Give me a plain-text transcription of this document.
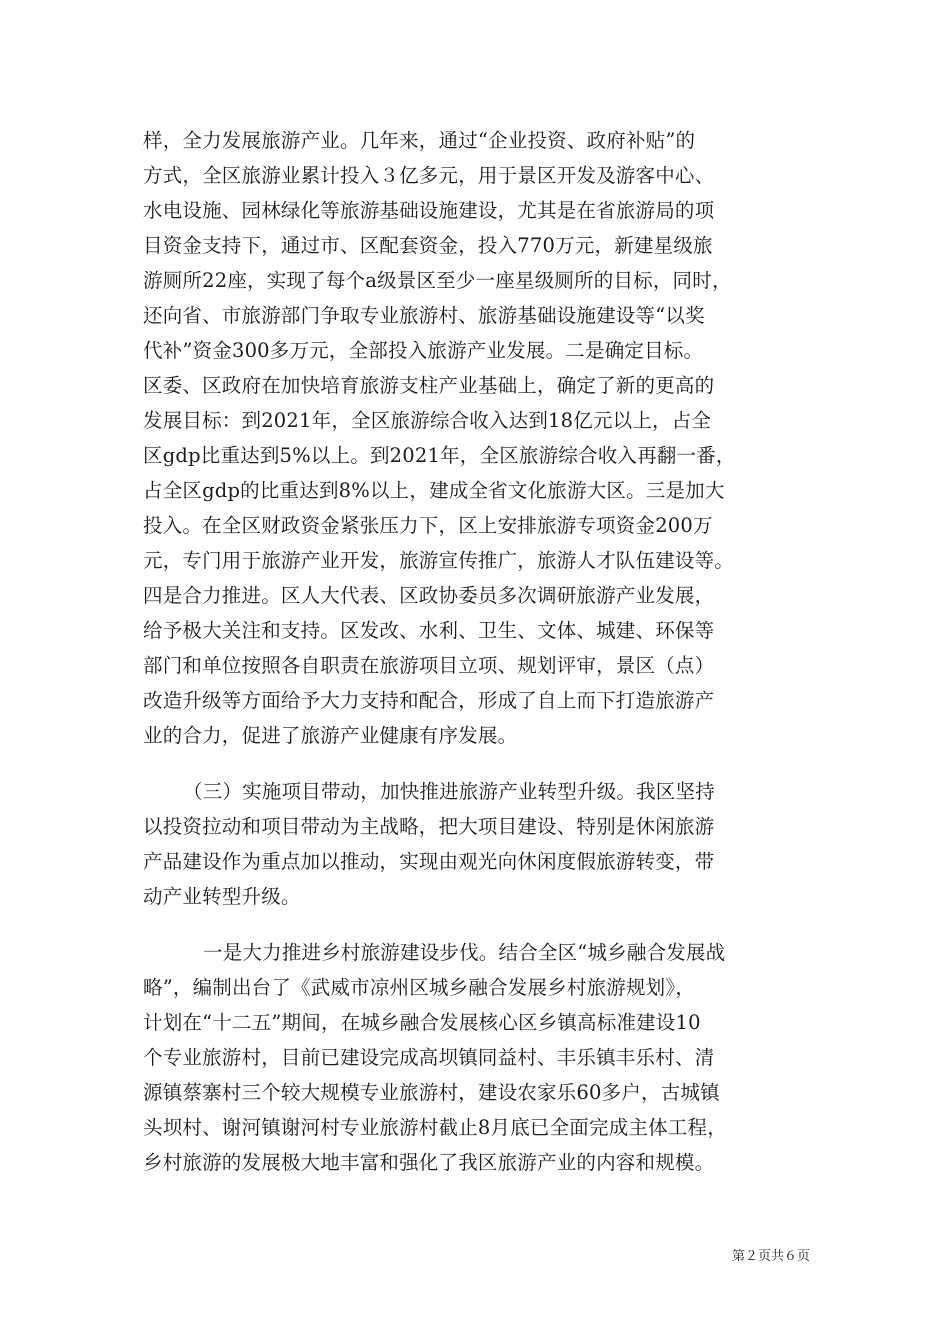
样，全力发展旅游产业。几年来，通过“企业投资、政府补贴”的
方式，全区旅游业累计投入３亿多元，用于景区开发及游客中心、
水电设施、园林绿化等旅游基础设施建设，尤其是在省旅游局的项
目资金支持下，通过市、区配套资金，投入770万元，新建星级旅
游厕所22座，实现了每个a级景区至少一座星级厕所的目标，同时，
还向省、市旅游部门争取专业旅游村、旅游基础设施建设等“以奖
代补”资金300多万元，全部投入旅游产业发展。二是确定目标。
区委、区政府在加快培育旅游支柱产业基础上，确定了新的更高的
发展目标：到2021年，全区旅游综合收入达到18亿元以上，占全
区gdp比重达到5%以上。到2021年，全区旅游综合收入再翻一番，
占全区gdp的比重达到8%以上，建成全省文化旅游大区。三是加大
投入。在全区财政资金紧张压力下，区上安排旅游专项资金200万
元，专门用于旅游产业开发，旅游宣传推广，旅游人才队伍建设等。
四是合力推进。区人大代表、区政协委员多次调研旅游产业发展，
给予极大关注和支持。区发改、水利、卫生、文体、城建、环保等
部门和单位按照各自职责在旅游项目立项、规划评审，景区（点）
改造升级等方面给予大力支持和配合，形成了自上而下打造旅游产
业的合力，促进了旅游产业健康有序发展。
（三）实施项目带动，加快推进旅游产业转型升级。我区坚持
以投资拉动和项目带动为主战略，把大项目建设、特别是休闲旅游
产品建设作为重点加以推动，实现由观光向休闲度假旅游转变，带
动产业转型升级。
一是大力推进乡村旅游建设步伐。结合全区“城乡融合发展战
略”，编制出台了《武威市凉州区城乡融合发展乡村旅游规划》，
计划在“十二五”期间，在城乡融合发展核心区乡镇高标准建设10
个专业旅游村，目前已建设完成高坝镇同益村、丰乐镇丰乐村、清
源镇蔡寨村三个较大规模专业旅游村，建设农家乐60多户，古城镇
头坝村、谢河镇谢河村专业旅游村截止8月底已全面完成主体工程，
乡村旅游的发展极大地丰富和强化了我区旅游产业的内容和规模。
第２页共６页
